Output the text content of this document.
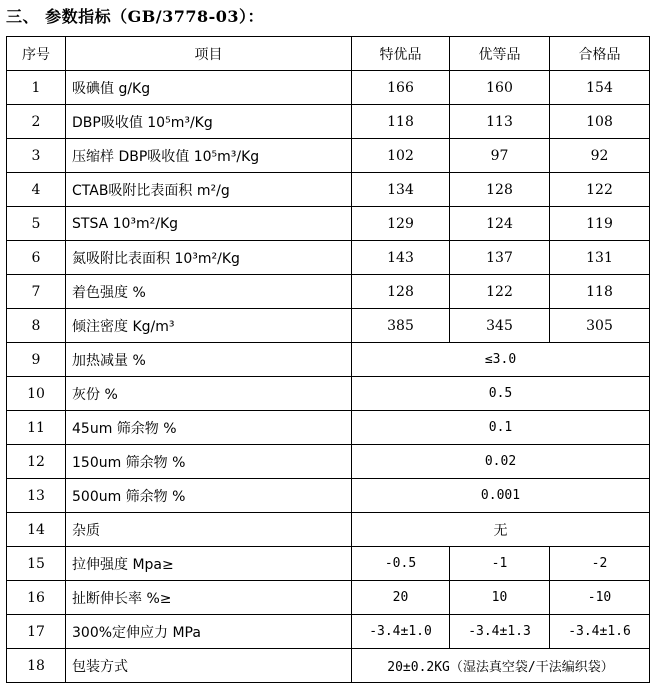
三、 参数指标（GB/3778-03）：
序号	项目	特优品	优等品	合格品
1	吸碘值 g/Kg	166	160	154
2	DBP吸收值 10⁵m³/Kg	118	113	108
3	压缩样 DBP吸收值 10⁵m³/Kg	102	97	92
4	CTAB吸附比表面积 m²/g	134	128	122
5	STSA 10³m²/Kg	129	124	119
6	氮吸附比表面积 10³m²/Kg	143	137	131
7	着色强度 %	128	122	118
8	倾注密度 Kg/m³	385	345	305
9	加热减量 %	≤3.0		
10	灰份 %	0.5		
11	45um 筛余物 %	0.1		
12	150um 筛余物 %	0.02		
13	500um 筛余物 %	0.001		
14	杂质	无		
15	拉伸强度 Mpa≥	-0.5	-1	-2
16	扯断伸长率 %≥	20	10	-10
17	300%定伸应力 MPa	-3.4±1.0	-3.4±1.3	-3.4±1.6
18	包装方式	20±0.2KG（湿法真空袋/干法编织袋）		
